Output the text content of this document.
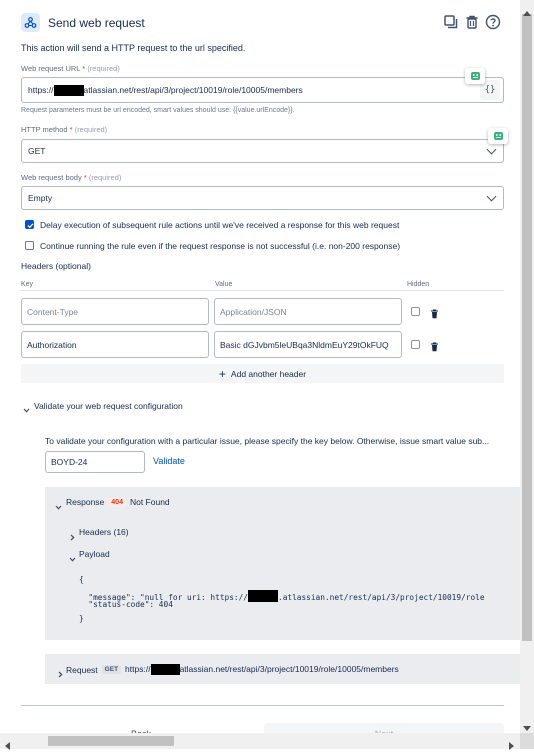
Send web request
This action will send a HTTP request to the url specified.
Web request URL * (required)
https://	atlassian.net/rest/api/3/project/10019/role/10005/members	{}
Request parameters must be url encoded, smart values should use: {{value.urlEncode}}.
HTTP method * (required)
GET
Web request body * (required)
Empty
Delay execution of subsequent rule actions until we've received a response for this web request
Continue running the rule even if the request response is not successful (i.e. non-200 response)
Headers (optional)
Key	Value	Hidden
Content-Type	Application/JSON
Authorization	Basic dGJvbm5leUBqa3NldmEuY29tOkFUQ
+ Add another header
Validate your web request configuration
To validate your configuration with a particular issue, please specify the key below. Otherwise, issue smart value sub...
BOYD-24	Validate
Response	404 Not Found
Headers (16)
Payload
{
"message": "null for uri: https://	.atlassian.net/rest/api/3/project/10019/role
"status-code": 404
}
Request	GET https://	atlassian.net/rest/api/3/project/10019/role/10005/members
